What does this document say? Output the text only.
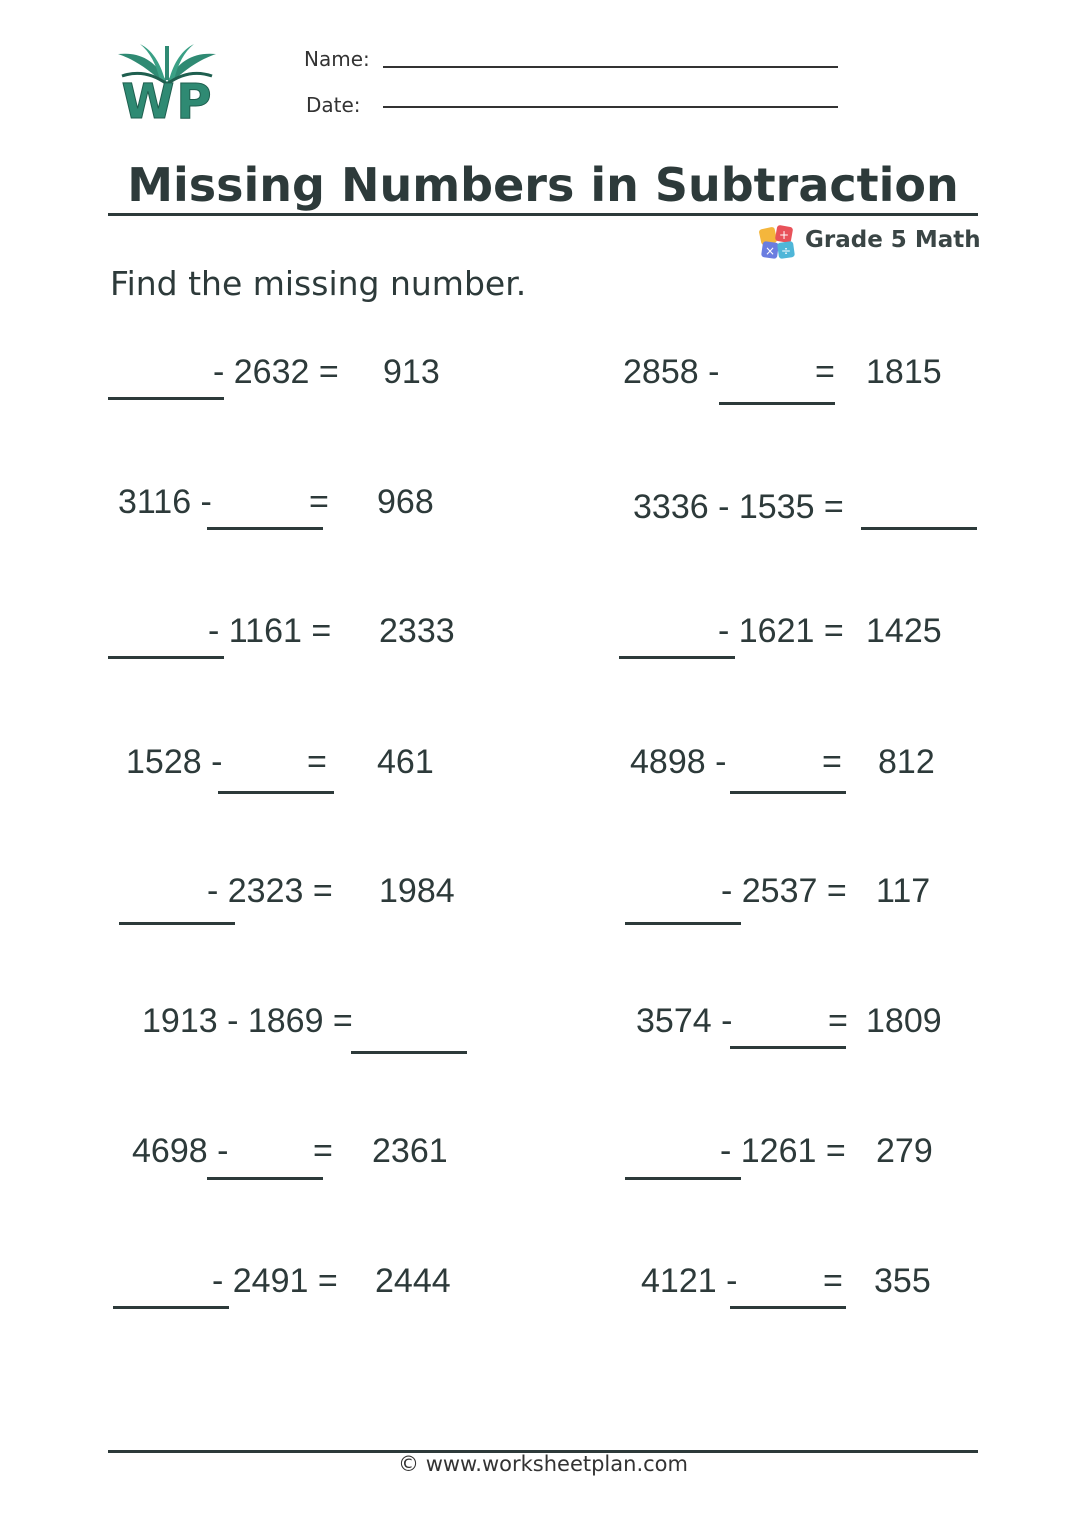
WP
Name:
Date:
Missing Numbers in Subtraction
+
× ÷ Grade 5 Math
Find the missing number.
- 2632 = 913
3116 -	= 968
- 1161 = 2333
1528 - = 461
- 2323 = 1984
1913 - 1869 =
4698 - = 2361
- 2491 = 2444
2858 -	= 1815
3336 - 1535 =
- 1621 = 1425
4898 -	= 812
- 2537 = 117
3574 -	= 1809
- 1261 = 279
4121 -	= 355
© www.worksheetplan.com
